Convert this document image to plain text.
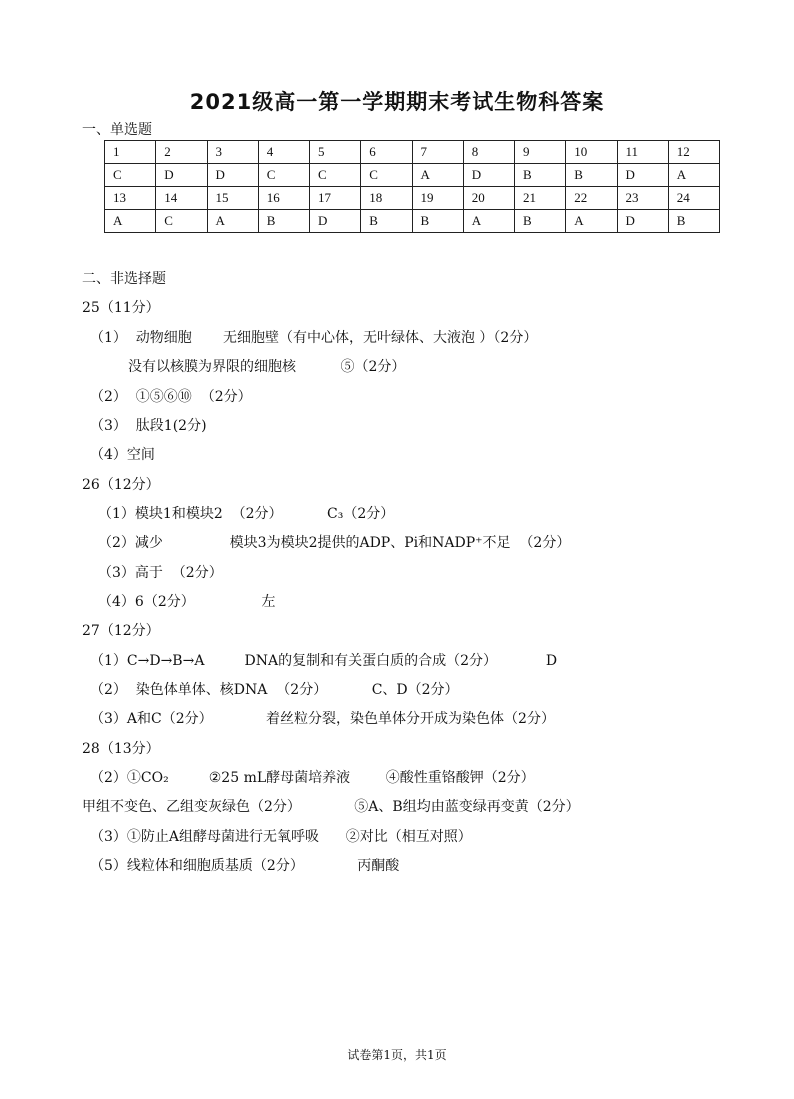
2021级高一第一学期期末考试生物科答案
一、单选题
1	2	3	4	5	6	7	8	9	10	11	12
C	D	D	C	C	C	A	D	B	B	D	A
13	14	15	16	17	18	19	20	21	22	23	24
A	C	A	B	D	B	B	A	B	A	D	B
二、非选择题
25（11分）
（1）  动物细胞       无细胞壁（有中心体，无叶绿体、大液泡 ）（2分）
没有以核膜为界限的细胞核          ⑤（2分）
（2）  ①⑤⑥⑩  （2分）
（3）  肽段1(2分)
（4）空间
26（12分）
（1）模块1和模块2  （2分）          C₃（2分）
（2）减少               模块3为模块2提供的ADP、Pi和NADP⁺不足  （2分）
（3）高于  （2分）
（4）6（2分）               左
27（12分）
（1）C→D→B→A         DNA的复制和有关蛋白质的合成（2分）           D
（2）  染色体单体、核DNA  （2分）          C、D（2分）
（3）A和C（2分）            着丝粒分裂，染色单体分开成为染色体（2分）
28（13分）
（2）①CO₂         ②25 mL酵母菌培养液        ④酸性重铬酸钾（2分）
甲组不变色、乙组变灰绿色（2分）            ⑤A、B组均由蓝变绿再变黄（2分）
（3）①防止A组酵母菌进行无氧呼吸      ②对比（相互对照）
（5）线粒体和细胞质基质（2分）            丙酮酸
试卷第1页，共1页
